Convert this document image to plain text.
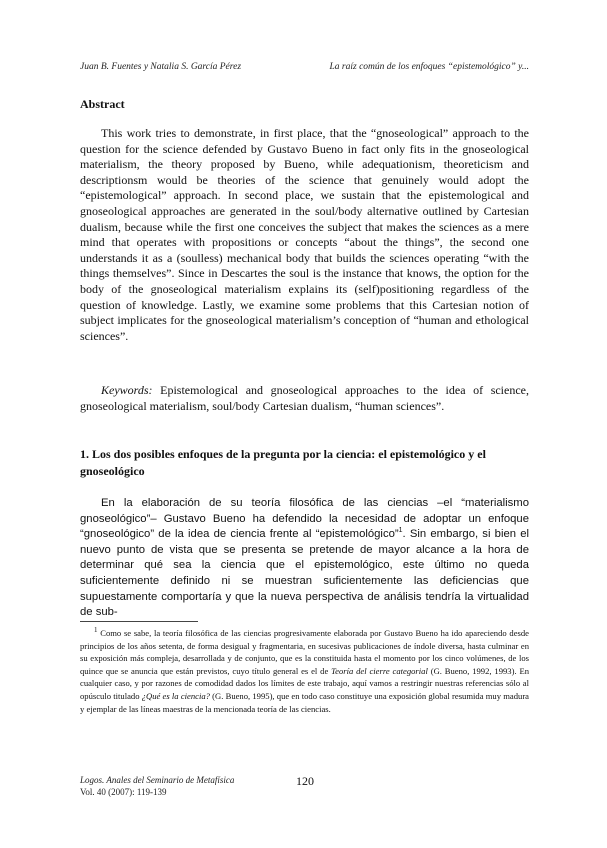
Juan B. Fuentes y Natalia S. García Pérez	La raíz común de los enfoques “epistemológico” y...
Abstract

This work tries to demonstrate, in first place, that the “gnoseological” approach to the question for the science defended by Gustavo Bueno in fact only fits in the gnoseological materialism, the theory proposed by Bueno, while adequationism, theoreticism and descriptionsm would be theories of the science that genuinely would adopt the “epistemological” approach. In second place, we sustain that the epistemological and gnoseological approaches are generated in the soul/body alternative outlined by Cartesian dualism, because while the first one conceives the subject that makes the sciences as a mere mind that operates with propositions or concepts “about the things”, the second one understands it as a (soulless) mechanical body that builds the sciences operating “with the things themselves”. Since in Descartes the soul is the instance that knows, the option for the body of the gnoseological materialism explains its (self)positioning regardless of the question of knowledge. Lastly, we examine some problems that this Cartesian notion of subject implicates for the gnoseological materialism’s conception of “human and ethological sciences”.

Keywords: Epistemological and gnoseological approaches to the idea of science, gnoseological materialism, soul/body Cartesian dualism, “human sciences”.

1. Los dos posibles enfoques de la pregunta por la ciencia: el epistemológico y el gnoseológico

En la elaboración de su teoría filosófica de las ciencias –el “materialismo gnoseológico”– Gustavo Bueno ha defendido la necesidad de adoptar un enfoque “gnoseológico” de la idea de ciencia frente al “epistemológico”$^1$. Sin embargo, si bien el nuevo punto de vista que se presenta se pretende de mayor alcance a la hora de determinar qué sea la ciencia que el epistemológico, este último no queda suficientemente definido ni se muestran suficientemente las deficiencias que supuestamente comportaría y que la nueva perspectiva de análisis tendría la virtualidad de sub-

$^1$ Como se sabe, la teoría filosófica de las ciencias progresivamente elaborada por Gustavo Bueno ha ido apareciendo desde principios de los años setenta, de forma desigual y fragmentaria, en sucesivas publicaciones de índole diversa, hasta culminar en su exposición más compleja, desarrollada y de conjunto, que es la constituida hasta el momento por los cinco volúmenes, de los quince que se anuncia que están previstos, cuyo título general es el de Teoría del cierre categorial (G. Bueno, 1992, 1993). En cualquier caso, y por razones de comodidad dados los límites de este trabajo, aquí vamos a restringir nuestras referencias sólo al opúsculo titulado ¿Qué es la ciencia? (G. Bueno, 1995), que en todo caso constituye una exposición global resumida muy madura y ejemplar de las líneas maestras de la mencionada teoría de las ciencias.

Logos. Anales del Seminario de Metafísica
Vol. 40 (2007): 119-139
120
